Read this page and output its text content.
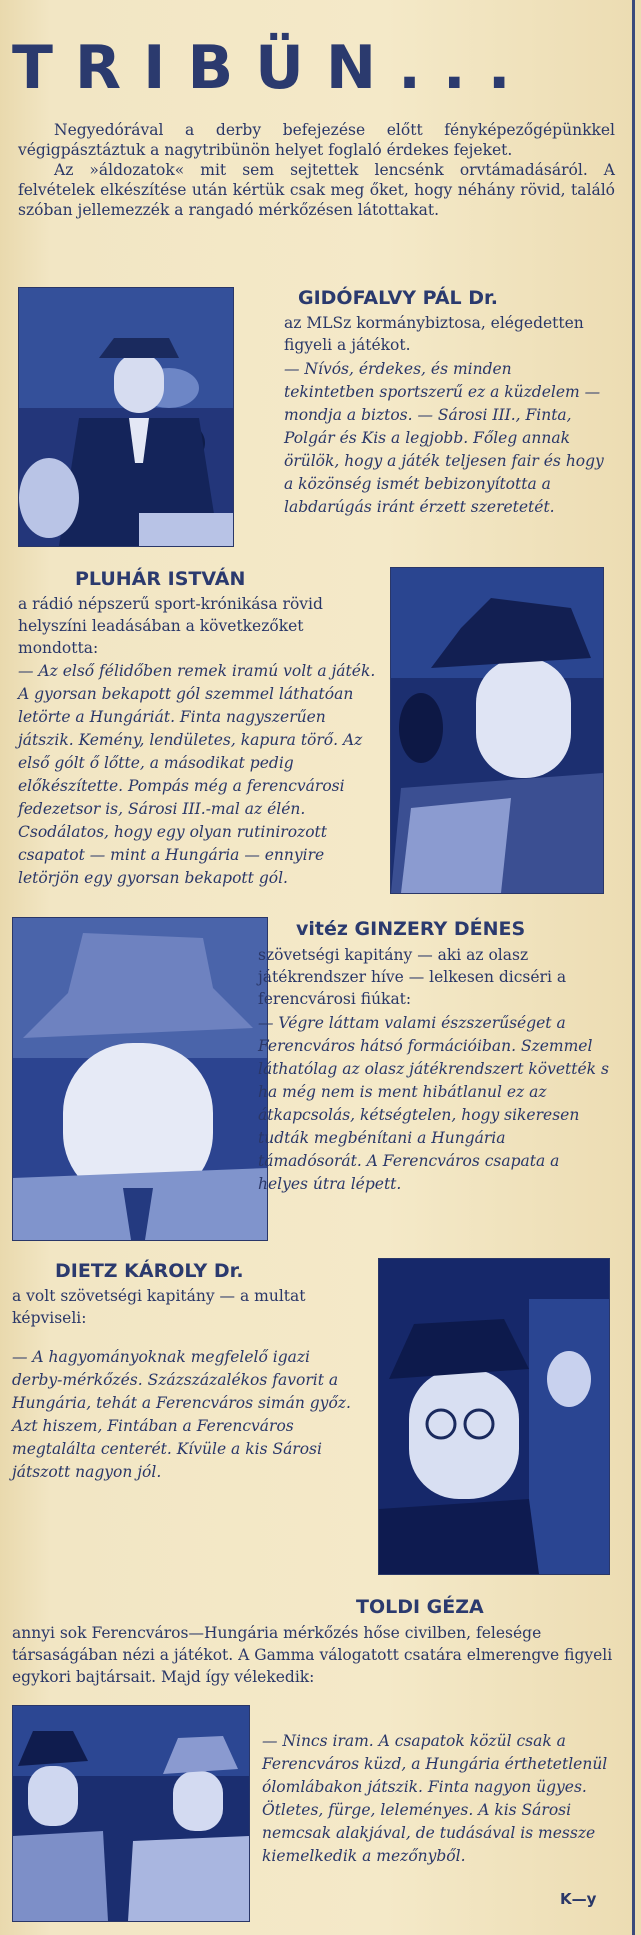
TRIBÜN...

Negyedórával a derby befejezése előtt fényképezőgépünkkel végigpásztáztuk a nagytribünön helyet foglaló érdekes fejeket.

Az »áldozatok« mit sem sejtettek lencsénk orvtámadásáról. A felvételek elkészítése után kértük csak meg őket, hogy néhány rövid, találó szóban jellemezzék a rangadó mérkőzésen látottakat.

GIDÓFALVY PÁL Dr.

az MLSz kormánybiztosa, elégedetten figyeli a játékot.

— Nívós, érdekes, és minden tekintetben sportszerű ez a küzdelem — mondja a biztos. — Sárosi III., Finta, Polgár és Kis a legjobb. Főleg annak örülök, hogy a játék teljesen fair és hogy a közönség ismét bebizonyította a labdarúgás iránt érzett szeretetét.

PLUHÁR ISTVÁN

a rádió népszerű sport-krónikása rövid helyszíni leadásában a következőket mondotta:

— Az első félidőben remek iramú volt a játék. A gyorsan bekapott gól szemmel láthatóan letörte a Hungáriát. Finta nagyszerűen játszik. Kemény, lendületes, kapura törő. Az első gólt ő lőtte, a másodikat pedig előkészítette. Pompás még a ferencvárosi fedezetsor is, Sárosi III.-mal az élén. Csodálatos, hogy egy olyan rutinirozott csapatot — mint a Hungária — ennyire letörjön egy gyorsan bekapott gól.

vitéz GINZERY DÉNES

szövetségi kapitány — aki az olasz játékrendszer híve — lelkesen dicséri a ferencvárosi fiúkat:

— Végre láttam valami észszerűséget a Ferencváros hátsó formációiban. Szemmel láthatólag az olasz játékrendszert követték s ha még nem is ment hibátlanul ez az átkapcsolás, kétségtelen, hogy sikeresen tudták megbénítani a Hungária támadósorát. A Ferencváros csapata a helyes útra lépett.

DIETZ KÁROLY Dr.

a volt szövetségi kapitány — a multat képviseli:

— A hagyományoknak megfelelő igazi derby-mérkőzés. Százszázalékos favorit a Hungária, tehát a Ferencváros simán győz. Azt hiszem, Fintában a Ferencváros megtalálta centerét. Kívüle a kis Sárosi játszott nagyon jól.

TOLDI GÉZA

annyi sok Ferencváros—Hungária mérkőzés hőse civilben, felesége társaságában nézi a játékot. A Gamma válogatott csatára elmerengve figyeli egykori bajtársait. Majd így vélekedik:

— Nincs iram. A csapatok közül csak a Ferencváros küzd, a Hungária érthetetlenül ólomlábakon játszik. Finta nagyon ügyes. Ötletes, fürge, leleményes. A kis Sárosi nemcsak alakjával, de tudásával is messze kiemelkedik a mezőnyből.

K—y
